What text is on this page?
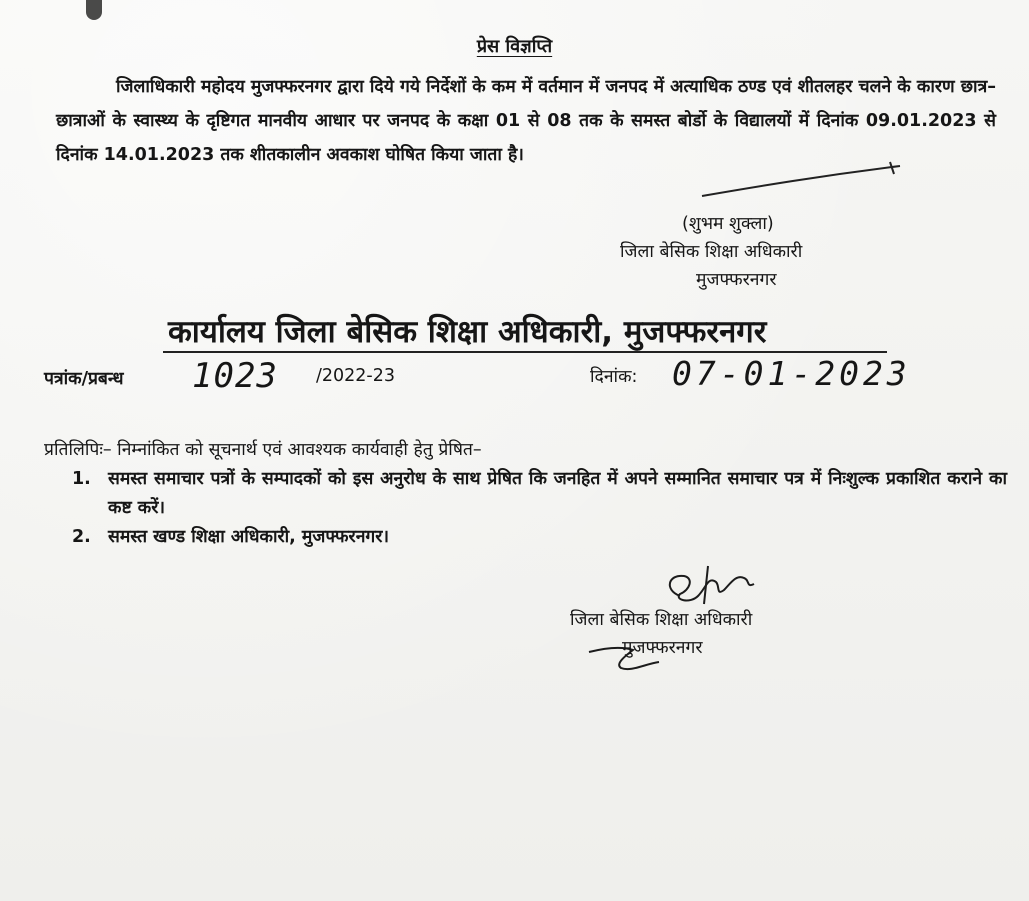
प्रेस विज्ञप्ति
जिलाधिकारी महोदय मुजफ्फरनगर द्वारा दिये गये निर्देशों के कम में वर्तमान में जनपद में अत्याधिक ठण्ड एवं शीतलहर चलने के कारण छात्र– छात्राओं के स्वास्थ्य के दृष्टिगत मानवीय आधार पर जनपद के कक्षा 01 से 08 तक के समस्त बोर्डो के विद्यालयों में दिनांक 09.01.2023 से दिनांक 14.01.2023 तक शीतकालीन अवकाश घोषित किया जाता है।
(शुभम शुक्ला)
जिला बेसिक शिक्षा अधिकारी
मुजफ्फरनगर
कार्यालय जिला बेसिक शिक्षा अधिकारी, मुजफ्फरनगर
पत्रांक/प्रबन्ध 1023 /2022-23	दिनांक: 07-01-2023
प्रतिलिपिः– निम्नांकित को सूचनार्थ एवं आवश्यक कार्यवाही हेतु प्रेषित–
1. समस्त समाचार पत्रों के सम्पादकों को इस अनुरोध के साथ प्रेषित कि जनहित में अपने सम्मानित समाचार पत्र में निःशुल्क प्रकाशित कराने का कष्ट करें।
2. समस्त खण्ड शिक्षा अधिकारी, मुजफ्फरनगर।
जिला बेसिक शिक्षा अधिकारी
मुजफ्फरनगर
